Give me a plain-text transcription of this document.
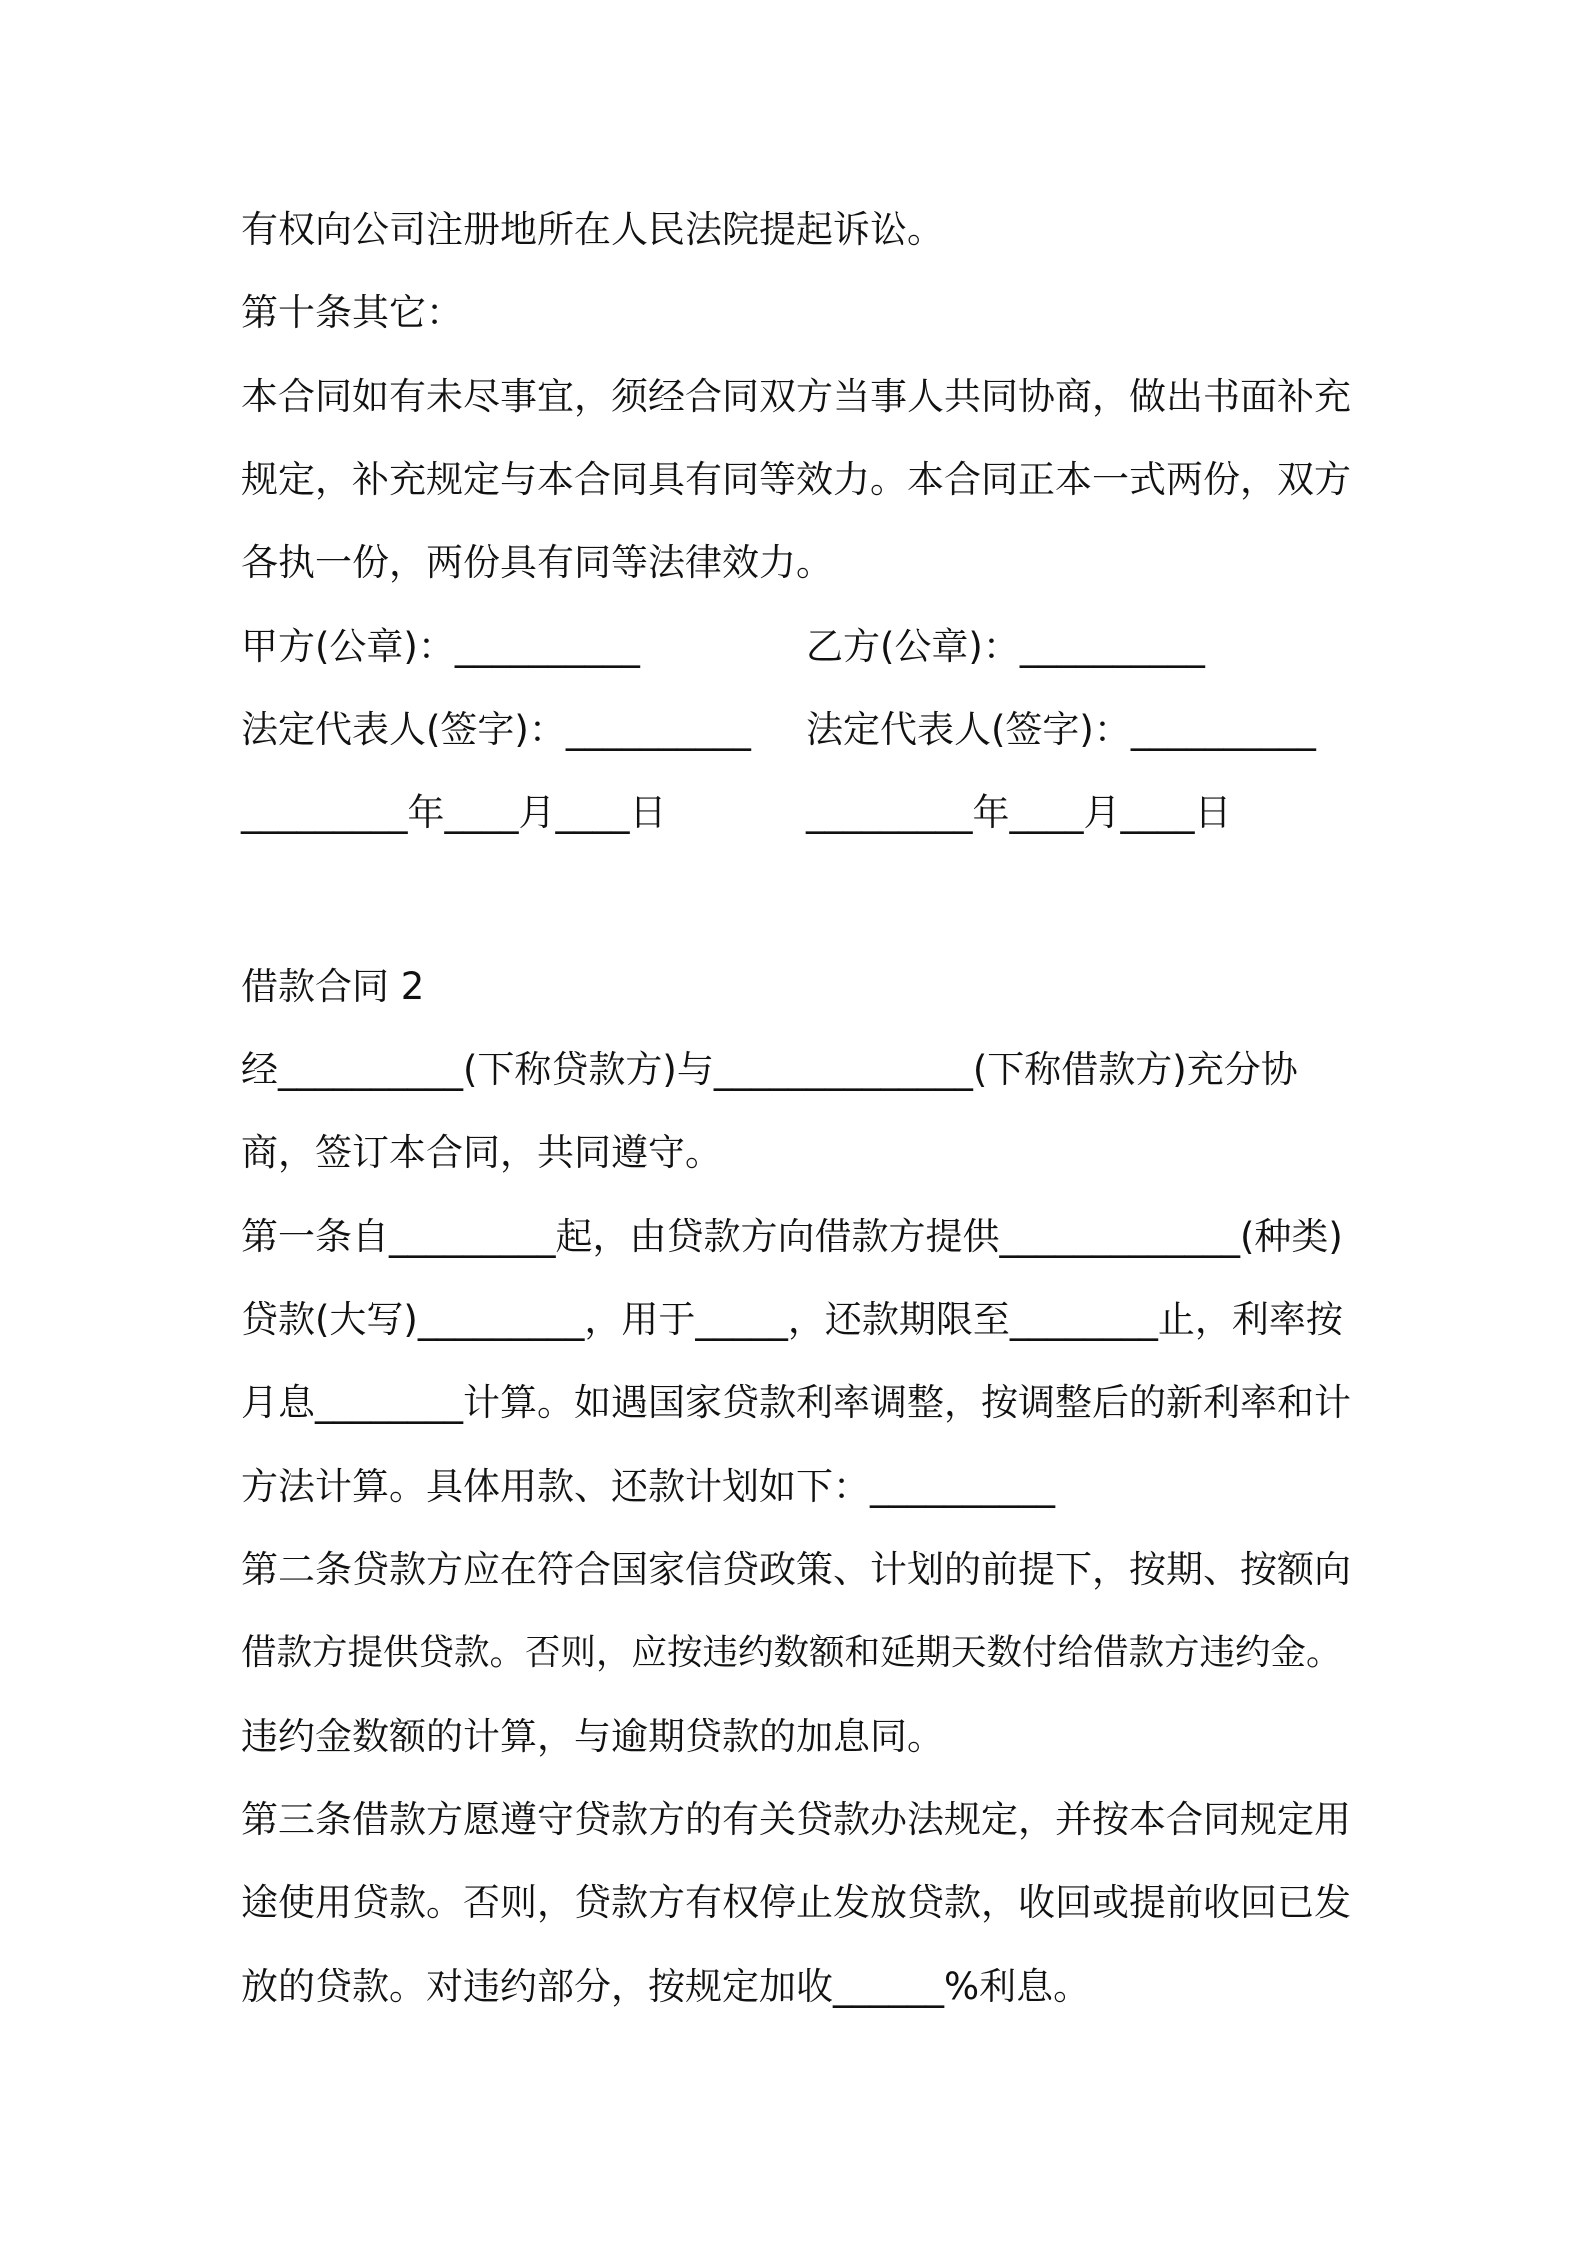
有权向公司注册地所在人民法院提起诉讼。
第十条其它：
本合同如有未尽事宜，须经合同双方当事人共同协商，做出书面补充
规定，补充规定与本合同具有同等效力。本合同正本一式两份，双方
各执一份，两份具有同等法律效力。
甲方(公章)：__________	乙方(公章)：__________
法定代表人(签字)：__________ 法定代表人(签字)：__________
_________年____月____日	_________年____月____日
借款合同 2
经__________(下称贷款方)与______________(下称借款方)充分协
商，签订本合同，共同遵守。
第一条自_________起，由贷款方向借款方提供_____________(种类)
贷款(大写)_________，用于_____，还款期限至________止，利率按
月息________计算。如遇国家贷款利率调整，按调整后的新利率和计
方法计算。具体用款、还款计划如下：__________
第二条贷款方应在符合国家信贷政策、计划的前提下，按期、按额向
借款方提供贷款。否则，应按违约数额和延期天数付给借款方违约金。
违约金数额的计算，与逾期贷款的加息同。
第三条借款方愿遵守贷款方的有关贷款办法规定，并按本合同规定用
途使用贷款。否则，贷款方有权停止发放贷款，收回或提前收回已发
放的贷款。对违约部分，按规定加收______%利息。
